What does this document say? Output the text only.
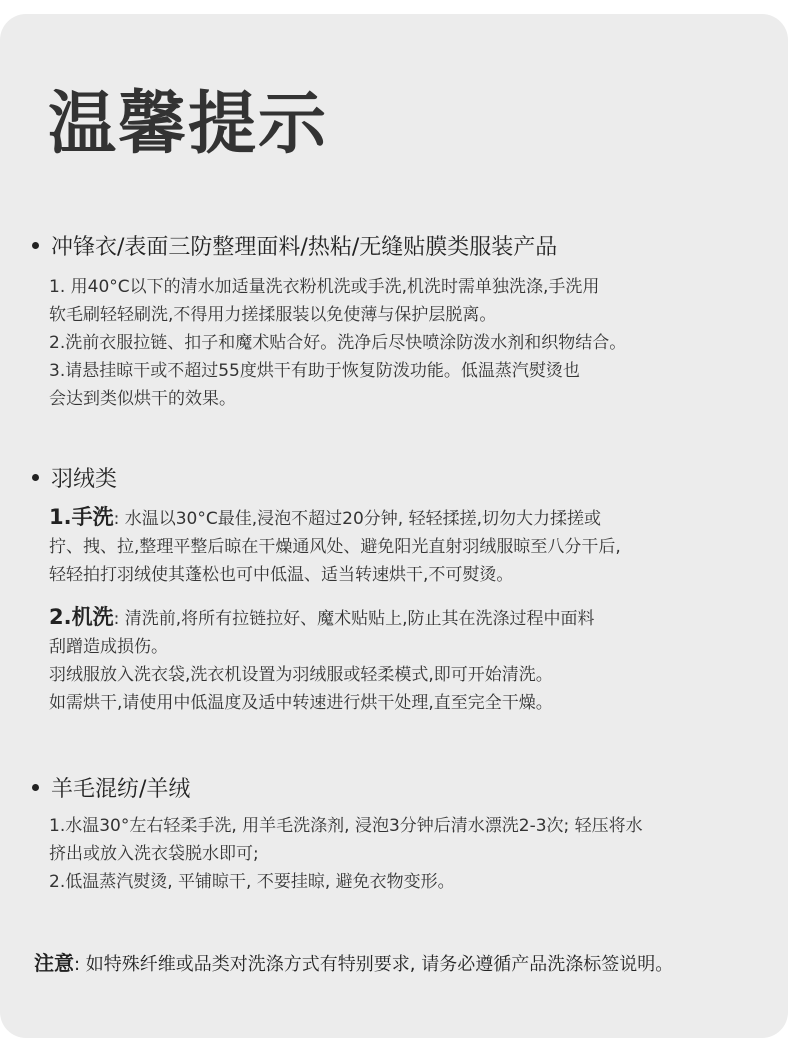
温馨提示
冲锋衣/表面三防整理面料/热粘/无缝贴膜类服装产品
1. 用40°C以下的清水加适量洗衣粉机洗或手洗,机洗时需单独洗涤,手洗用
软毛刷轻轻刷洗,不得用力搓揉服装以免使薄与保护层脱离。
2.洗前衣服拉链、扣子和魔术贴合好。洗净后尽快喷涂防泼水剂和织物结合。
3.请悬挂晾干或不超过55度烘干有助于恢复防泼功能。低温蒸汽熨烫也
会达到类似烘干的效果。
羽绒类
1.手洗: 水温以30°C最佳,浸泡不超过20分钟, 轻轻揉搓,切勿大力揉搓或
拧、拽、拉,整理平整后晾在干燥通风处、避免阳光直射羽绒服晾至八分干后,
轻轻拍打羽绒使其蓬松也可中低温、适当转速烘干,不可熨烫。
2.机洗: 清洗前,将所有拉链拉好、魔术贴贴上,防止其在洗涤过程中面料
刮蹭造成损伤。
羽绒服放入洗衣袋,洗衣机设置为羽绒服或轻柔模式,即可开始清洗。
如需烘干,请使用中低温度及适中转速进行烘干处理,直至完全干燥。
羊毛混纺/羊绒
1.水温30°左右轻柔手洗, 用羊毛洗涤剂, 浸泡3分钟后清水漂洗2-3次; 轻压将水
挤出或放入洗衣袋脱水即可;
2.低温蒸汽熨烫, 平铺晾干, 不要挂晾, 避免衣物变形。
注意: 如特殊纤维或品类对洗涤方式有特别要求, 请务必遵循产品洗涤标签说明。
